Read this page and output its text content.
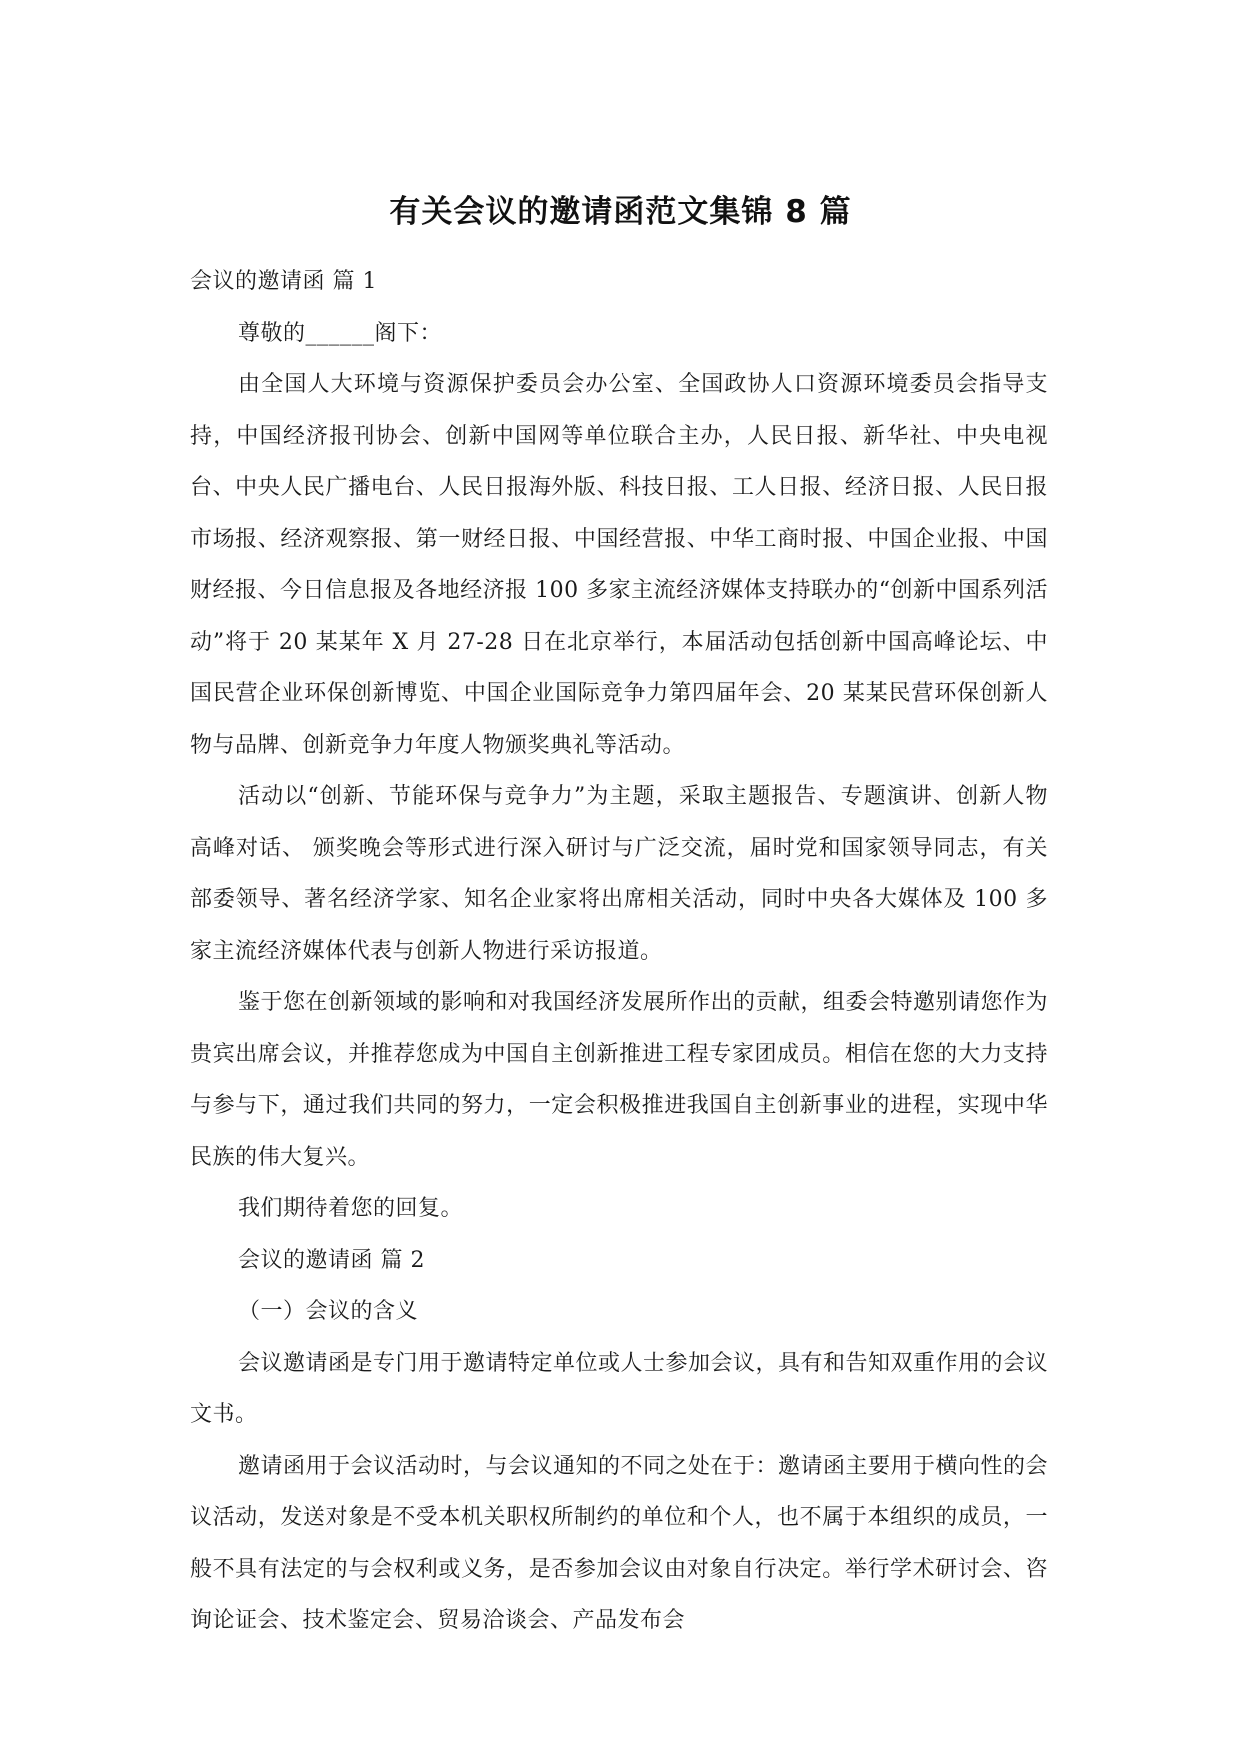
有关会议的邀请函范文集锦 8 篇

会议的邀请函 篇 1

尊敬的______阁下：

由全国人大环境与资源保护委员会办公室、全国政协人口资源环境委员会指导支持，中国经济报刊协会、创新中国网等单位联合主办，人民日报、新华社、中央电视台、中央人民广播电台、人民日报海外版、科技日报、工人日报、经济日报、人民日报市场报、经济观察报、第一财经日报、中国经营报、中华工商时报、中国企业报、中国财经报、今日信息报及各地经济报 100 多家主流经济媒体支持联办的“创新中国系列活动”将于 20 某某年 X 月 27-28 日在北京举行，本届活动包括创新中国高峰论坛、中国民营企业环保创新博览、中国企业国际竞争力第四届年会、20 某某民营环保创新人物与品牌、创新竞争力年度人物颁奖典礼等活动。

活动以“创新、节能环保与竞争力”为主题，采取主题报告、专题演讲、创新人物高峰对话、 颁奖晚会等形式进行深入研讨与广泛交流，届时党和国家领导同志，有关部委领导、著名经济学家、知名企业家将出席相关活动，同时中央各大媒体及 100 多家主流经济媒体代表与创新人物进行采访报道。

鉴于您在创新领域的影响和对我国经济发展所作出的贡献，组委会特邀别请您作为贵宾出席会议，并推荐您成为中国自主创新推进工程专家团成员。相信在您的大力支持与参与下，通过我们共同的努力，一定会积极推进我国自主创新事业的进程，实现中华民族的伟大复兴。

我们期待着您的回复。

会议的邀请函 篇 2

（一）会议的含义

会议邀请函是专门用于邀请特定单位或人士参加会议，具有和告知双重作用的会议文书。

邀请函用于会议活动时，与会议通知的不同之处在于：邀请函主要用于横向性的会议活动，发送对象是不受本机关职权所制约的单位和个人，也不属于本组织的成员，一般不具有法定的与会权利或义务，是否参加会议由对象自行决定。举行学术研讨会、咨询论证会、技术鉴定会、贸易洽谈会、产品发布会
